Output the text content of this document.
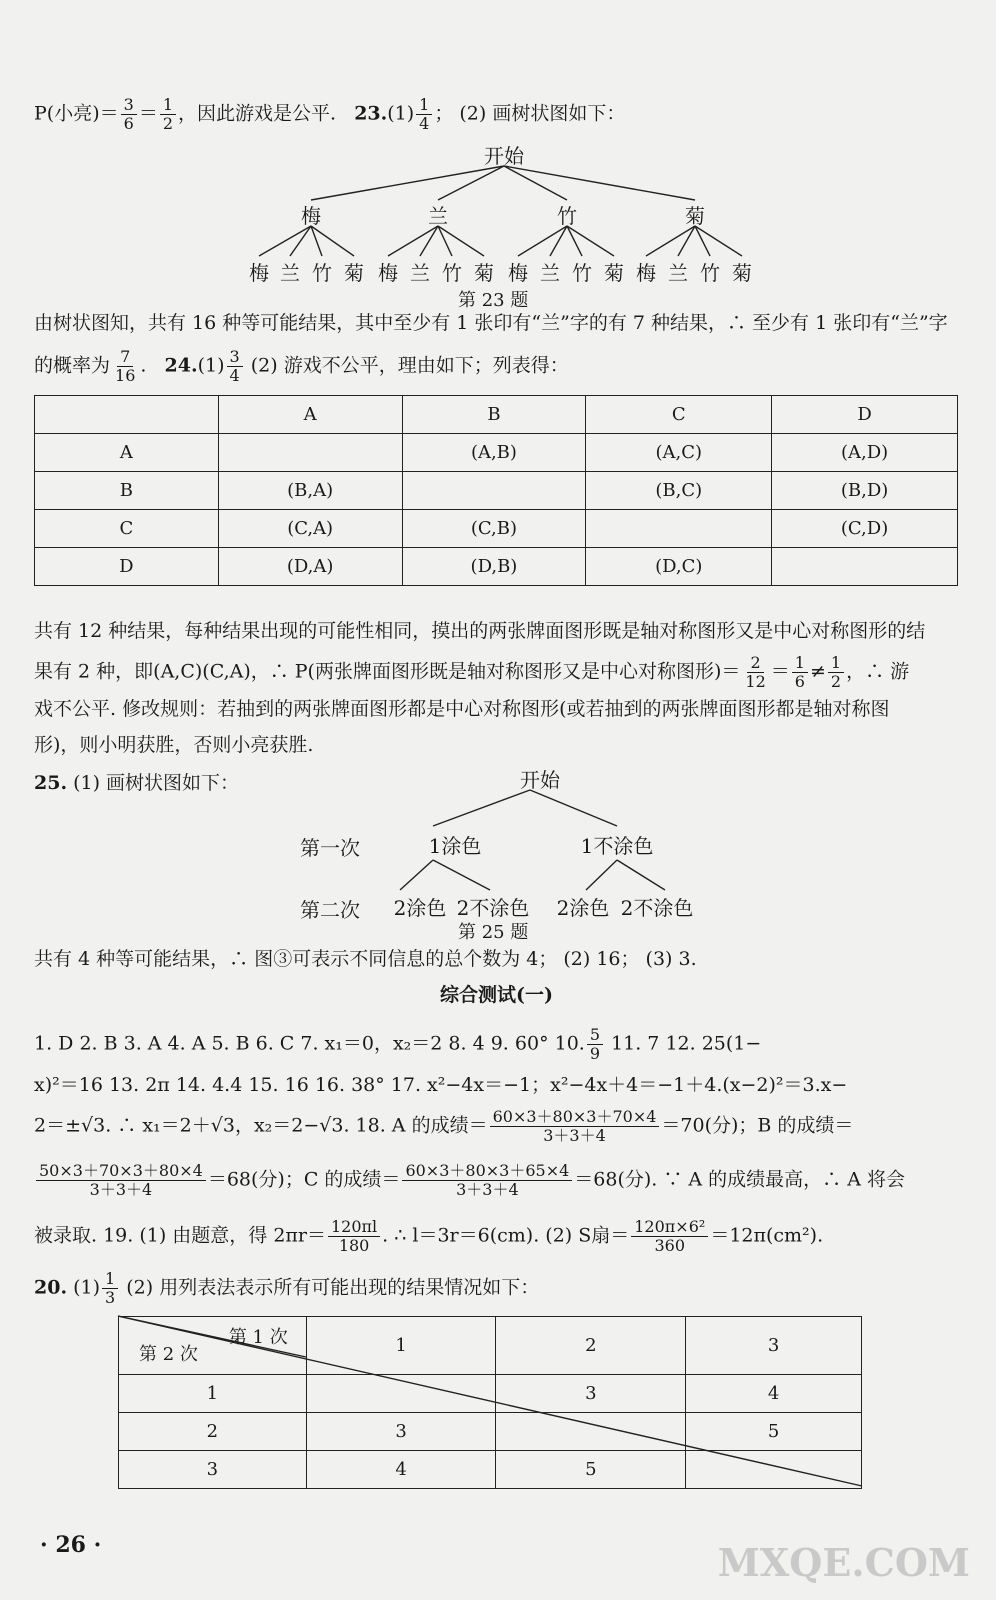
P(小亮)＝ $\frac{3}{6} = \frac{1}{2}$ ，因此游戏是公平. $23.(1) \frac{1}{4}$ ； (2) 画树状图如下：
开始
梅	兰	竹	菊
梅 兰 竹 菊 梅 兰 竹 菊 梅 兰 竹 菊 梅 兰 竹 菊
第 23 题
由树状图知，共有 16 种等可能结果，其中至少有 1 张印有“兰”字的有 7 种结果，∴ 至少有 1 张印有“兰”字
的概率为 $\frac{7}{16}$ . $24.(1) \frac{3}{4} (2)$ 游戏不公平，理由如下；列表得：
	A	B	C	D
A		(A,B)	(A,C)	(A,D)
B	(B,A)		(B,C)	(B,D)
C	(C,A)	(C,B)		(C,D)
D	(D,A)	(D,B)	(D,C)	
共有 12 种结果，每种结果出现的可能性相同，摸出的两张牌面图形既是轴对称图形又是中心对称图形的结
果有 2 种，即(A,C)(C,A)，∴ P(两张牌面图形既是轴对称图形又是中心对称图形)＝ $\frac{2}{12} = \frac{1}{6} \ne \frac{1}{2}$ ，∴ 游
戏不公平. 修改规则：若抽到的两张牌面图形都是中心对称图形(或若抽到的两张牌面图形都是轴对称图
形)，则小明获胜，否则小亮获胜.
25. (1) 画树状图如下：	开始
第一次	1涂色	1不涂色
第二次 2涂色 2不涂色 2涂色 2不涂色
第 25 题
共有 4 种等可能结果，∴ 图③可表示不同信息的总个数为 4； (2) 16； (3) 3.
综合测试(一)
1. D 2. B 3. A 4. A 5. B 6. C 7. x₁＝0，x₂＝2 8. 4 9. 60° 10. $\frac{5}{9} 11$. 7 12. 25(1−
x)²＝16 13. 2π 14. 4.4 15. 16 16. 38° 17. x²−4x＝−1；x²−4x＋4＝−1＋4.(x−2)²＝3.x−
2＝±√3. ∴ x₁＝2＋√3，x₂＝2−√3. 18. A 的成绩＝ $\frac{60\times 3+80\times 3+70\times 4}{3+3+4} =70$(分)；B 的成绩＝
$\frac{50\times 3+70\times 3+80\times 4}{3+3+4} =68$(分)；C 的成绩＝ $\frac{60\times 3+80\times 3+65\times 4}{3+3+4} =68$(分). ∵ A 的成绩最高，∴ A 将会
被录取. 19. (1) 由题意，得 $2\pi r= \frac{120\pi l}{180}$ . ∴ l＝3r＝6(cm). (2) S扇＝ $\frac{\text{120π×6²}}{360} =12\pi(cm^2)$.
20. $(1) \frac{1}{3} (2)$ 用列表法表示所有可能出现的结果情况如下：
第 1 次
第 2 次	1	2	3
1		3	4
2	3		5
3	4	5	
· 26 ·	MXQE.COM
